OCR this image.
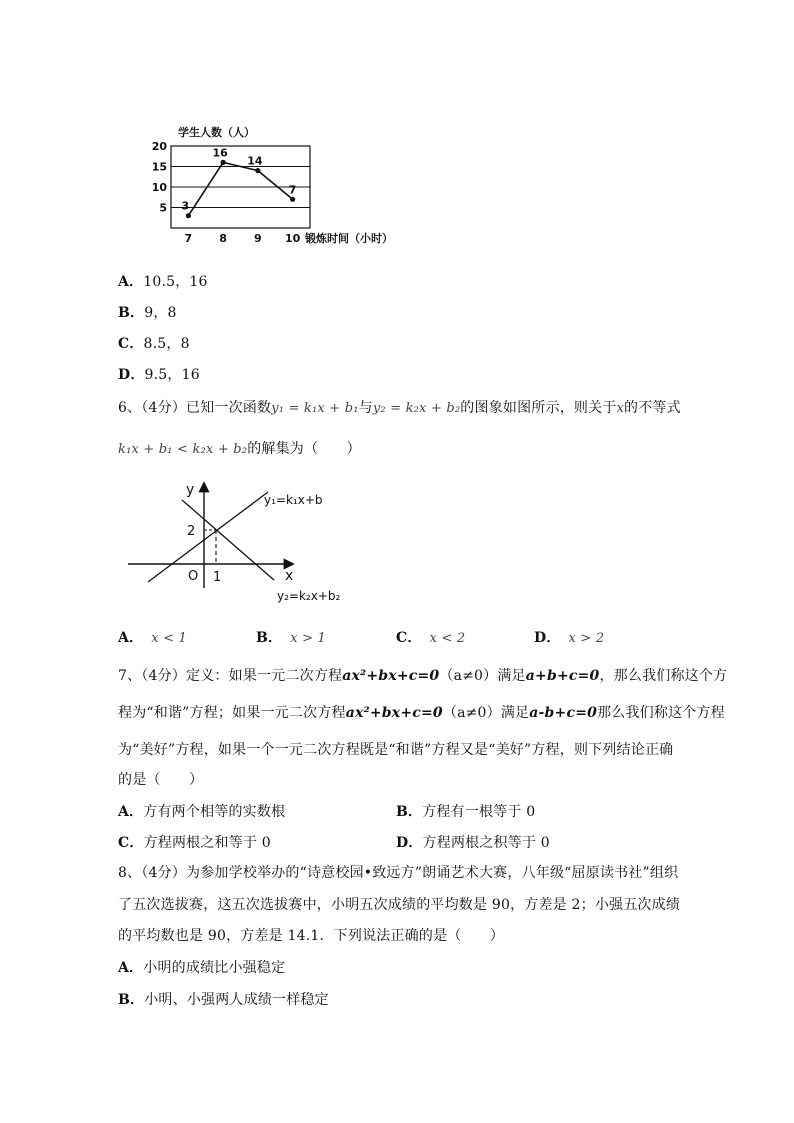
5
10
15
20
7 8 9 10
3
16
14
7
学生人数（人）
锻炼时间（小时）
A．10.5，16
B．9，8
C．8.5，8
D．9.5，16
6、（4分）已知一次函数y₁ = k₁x + b₁与y₂ = k₂x + b₂的图象如图所示，则关于x的不等式
k₁x + b₁ < k₂x + b₂的解集为（　　）
y
x
O
2
1
y₁=k₁x+b
y₂=k₂x+b₂
A． x < 1	B． x > 1	C． x < 2	D． x > 2
7、（4分）定义：如果一元二次方程ax²+bx+c=0（a≠0）满足a+b+c=0，那么我们称这个方
程为“和谐”方程；如果一元二次方程ax²+bx+c=0（a≠0）满足a-b+c=0那么我们称这个方程
为“美好”方程，如果一个一元二次方程既是“和谐”方程又是“美好”方程，则下列结论正确
的是（　　）
A．方有两个相等的实数根	B．方程有一根等于 0
C．方程两根之和等于 0	D．方程两根之积等于 0
8、（4分）为参加学校举办的“诗意校园•致远方”朗诵艺术大赛，八年级“屈原读书社”组织
了五次选拔赛，这五次选拔赛中，小明五次成绩的平均数是 90，方差是 2；小强五次成绩
的平均数也是 90，方差是 14.1．下列说法正确的是（　　）
A．小明的成绩比小强稳定
B．小明、小强两人成绩一样稳定
